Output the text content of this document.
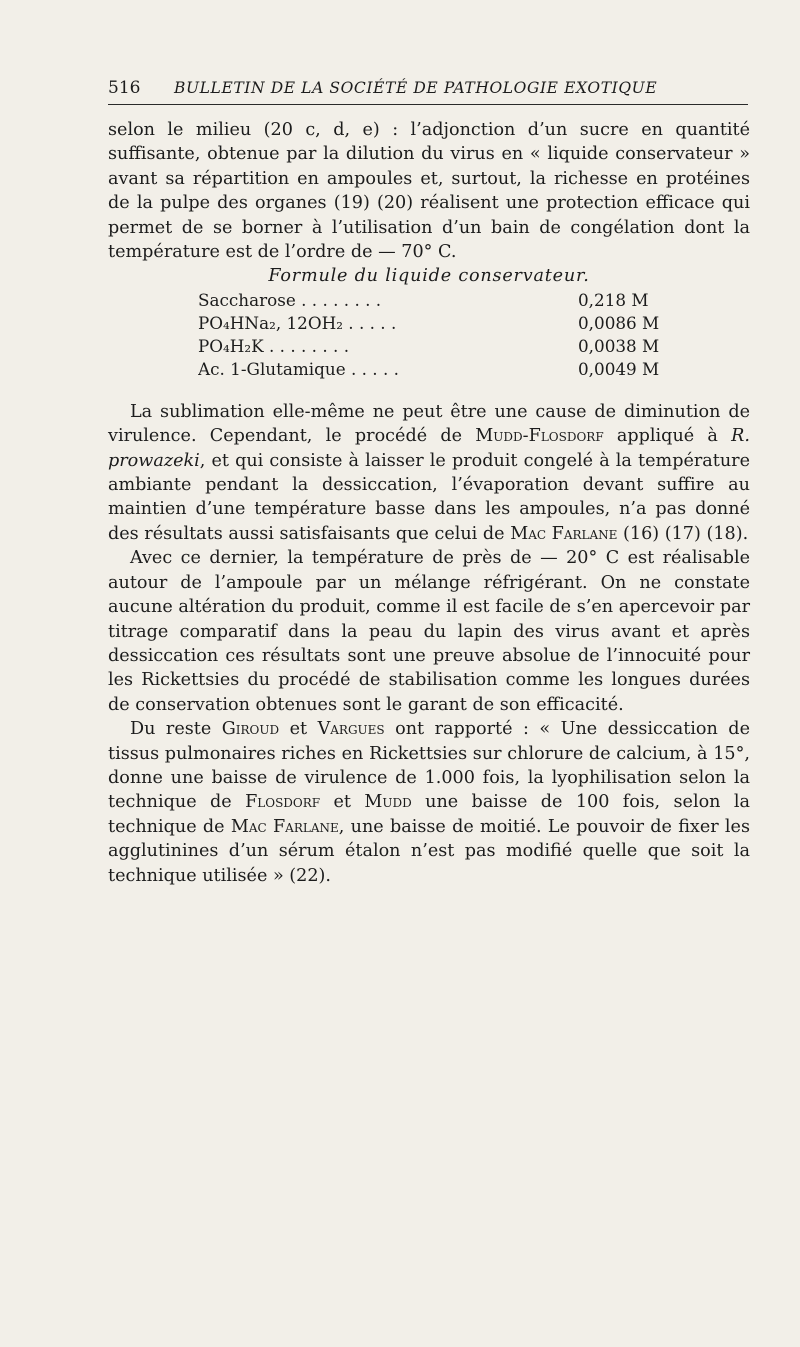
516 BULLETIN DE LA SOCIÉTÉ DE PATHOLOGIE EXOTIQUE

selon le milieu (20 c, d, e) : l’adjonction d’un sucre en quantité suffisante, obtenue par la dilution du virus en « liquide conservateur » avant sa répartition en ampoules et, surtout, la richesse en protéines de la pulpe des organes (19) (20) réalisent une protection efficace qui permet de se borner à l’utilisation d’un bain de congélation dont la température est de l’ordre de — 70° C.

Formule du liquide conservateur.

Saccharose . . . . . . . .	0,218 M
PO₄HNa₂, 12OH₂ . . . . .	0,0086 M
PO₄H₂K . . . . . . . .	0,0038 M
Ac. 1-Glutamique . . . . .	0,0049 M

La sublimation elle-même ne peut être une cause de diminution de virulence. Cependant, le procédé de Mudd-Flosdorf appliqué à R. prowazeki, et qui consiste à laisser le produit congelé à la température ambiante pendant la dessiccation, l’évaporation devant suffire au maintien d’une température basse dans les ampoules, n’a pas donné des résultats aussi satisfaisants que celui de Mac Farlane (16) (17) (18).

Avec ce dernier, la température de près de — 20° C est réalisable autour de l’ampoule par un mélange réfrigérant. On ne constate aucune altération du produit, comme il est facile de s’en apercevoir par titrage comparatif dans la peau du lapin des virus avant et après dessiccation ces résultats sont une preuve absolue de l’innocuité pour les Rickettsies du procédé de stabilisation comme les longues durées de conservation obtenues sont le garant de son efficacité.

Du reste Giroud et Vargues ont rapporté : « Une dessiccation de tissus pulmonaires riches en Rickettsies sur chlorure de calcium, à 15°, donne une baisse de virulence de 1.000 fois, la lyophilisation selon la technique de Flosdorf et Mudd une baisse de 100 fois, selon la technique de Mac Farlane, une baisse de moitié. Le pouvoir de fixer les agglutinines d’un sérum étalon n’est pas modifié quelle que soit la technique utilisée » (22).
